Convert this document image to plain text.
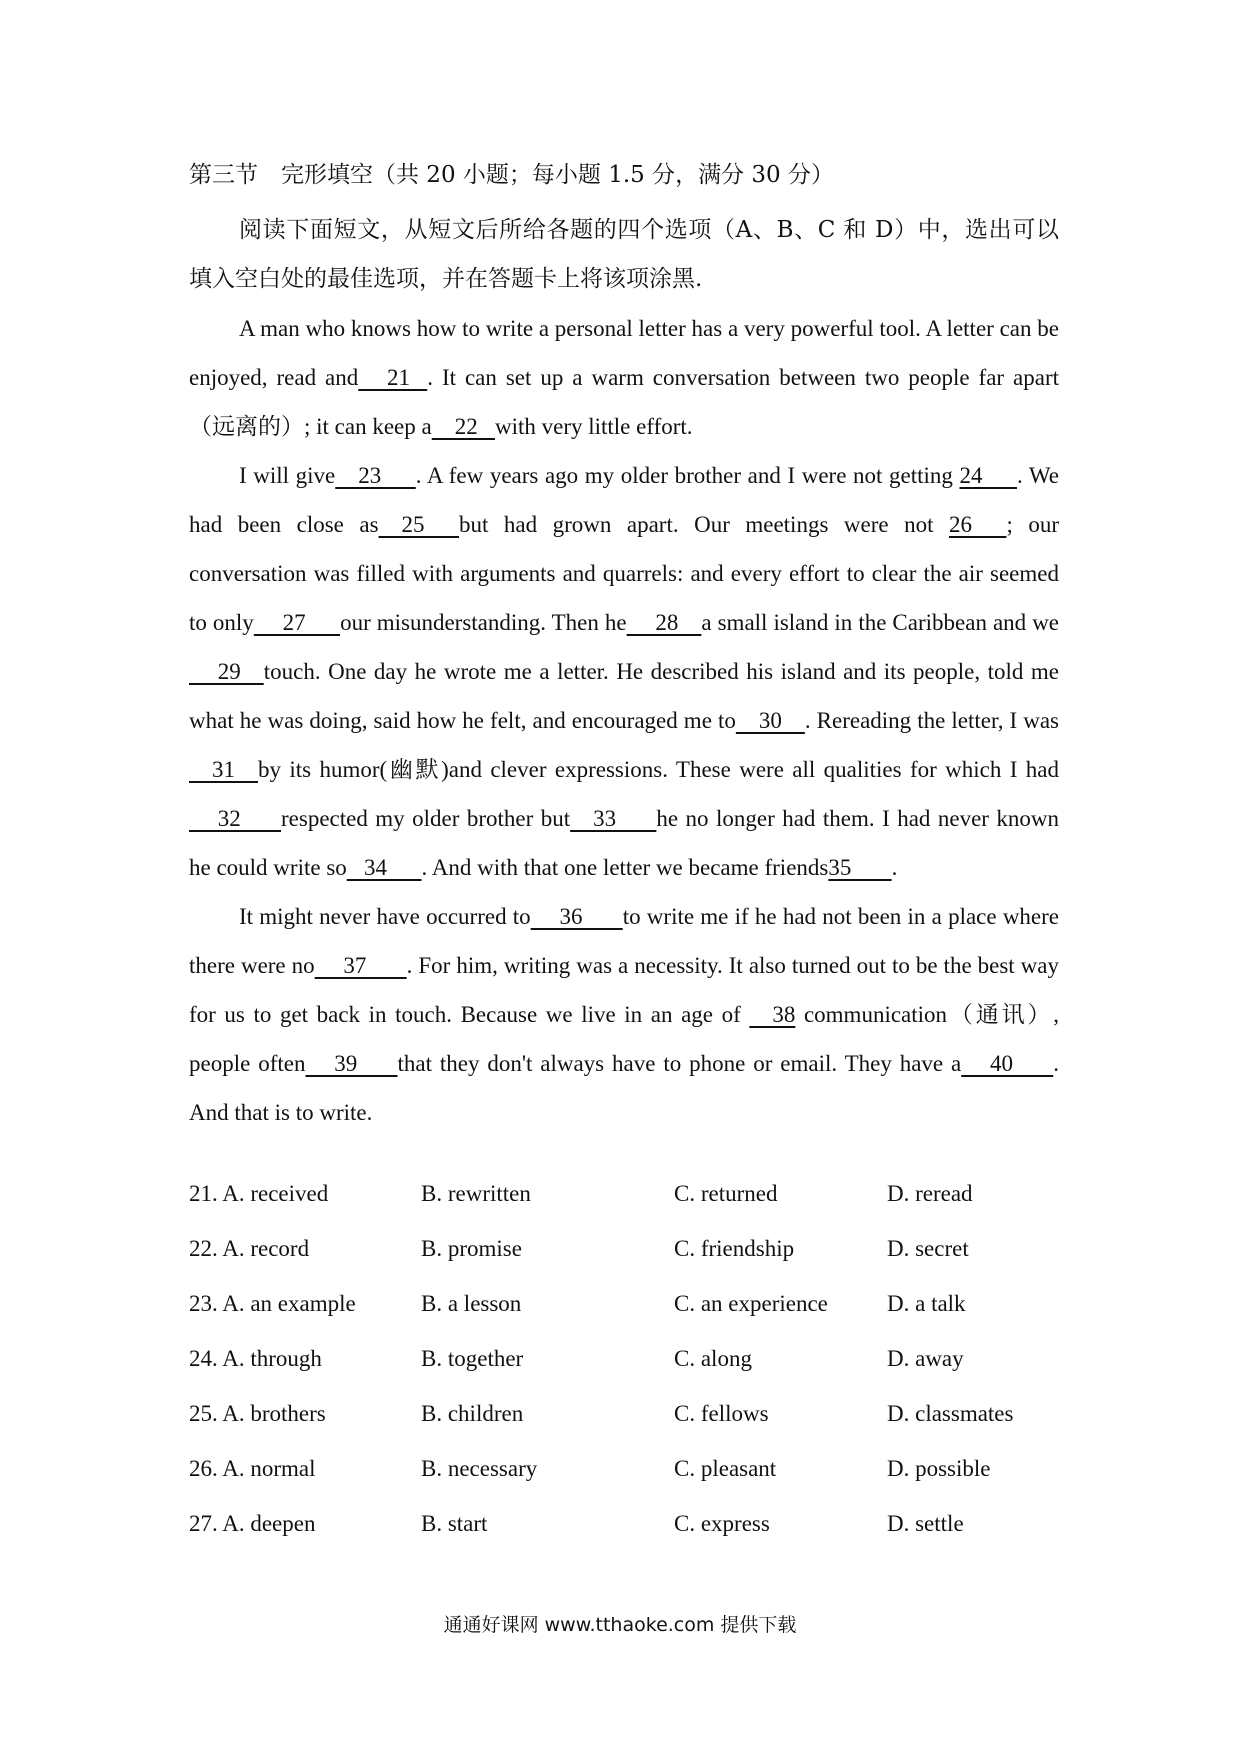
第三节　完形填空（共 20 小题；每小题 1.5 分，满分 30 分）
阅读下面短文，从短文后所给各题的四个选项（A、B、C 和 D）中，选出可以填入空白处的最佳选项，并在答题卡上将该项涂黑.

A man who knows how to write a personal letter has a very powerful tool. A letter can be enjoyed, read and     21   . It can set up a warm conversation between two people far apart（远离的）; it can keep a    22   with very little effort.

I will give    23      . A few years ago my older brother and I were not getting 24      . We had been close as    25      but had grown apart. Our meetings were not 26      ; our conversation was filled with arguments and quarrels: and every effort to clear the air seemed to only     27      our misunderstanding. Then he     28    a small island in the Caribbean and we     29    touch. One day he wrote me a letter. He described his island and its people, told me what he was doing, said how he felt, and encouraged me to    30    . Rereading the letter, I was    31    by its humor(幽默)and clever expressions. These were all qualities for which I had     32       respected my older brother but    33       he no longer had them. I had never known he could write so   34      . And with that one letter we became friends35       .

It might never have occurred to     36       to write me if he had not been in a place where there were no     37       . For him, writing was a necessity. It also turned out to be the best way for us to get back in touch. Because we live in an age of     38 communication（通讯）, people often     39       that they don't always have to phone or email. They have a     40       . And that is to write.

21. A. received	B. rewritten	C. returned	D. reread
22. A. record	B. promise	C. friendship	D. secret
23. A. an example	B. a lesson	C. an experience	D. a talk
24. A. through	B. together	C. along	D. away
25. A. brothers	B. children	C. fellows	D. classmates
26. A. normal	B. necessary	C. pleasant	D. possible
27. A. deepen	B. start	C. express	D. settle
通通好课网 www.tthaoke.com 提供下载
